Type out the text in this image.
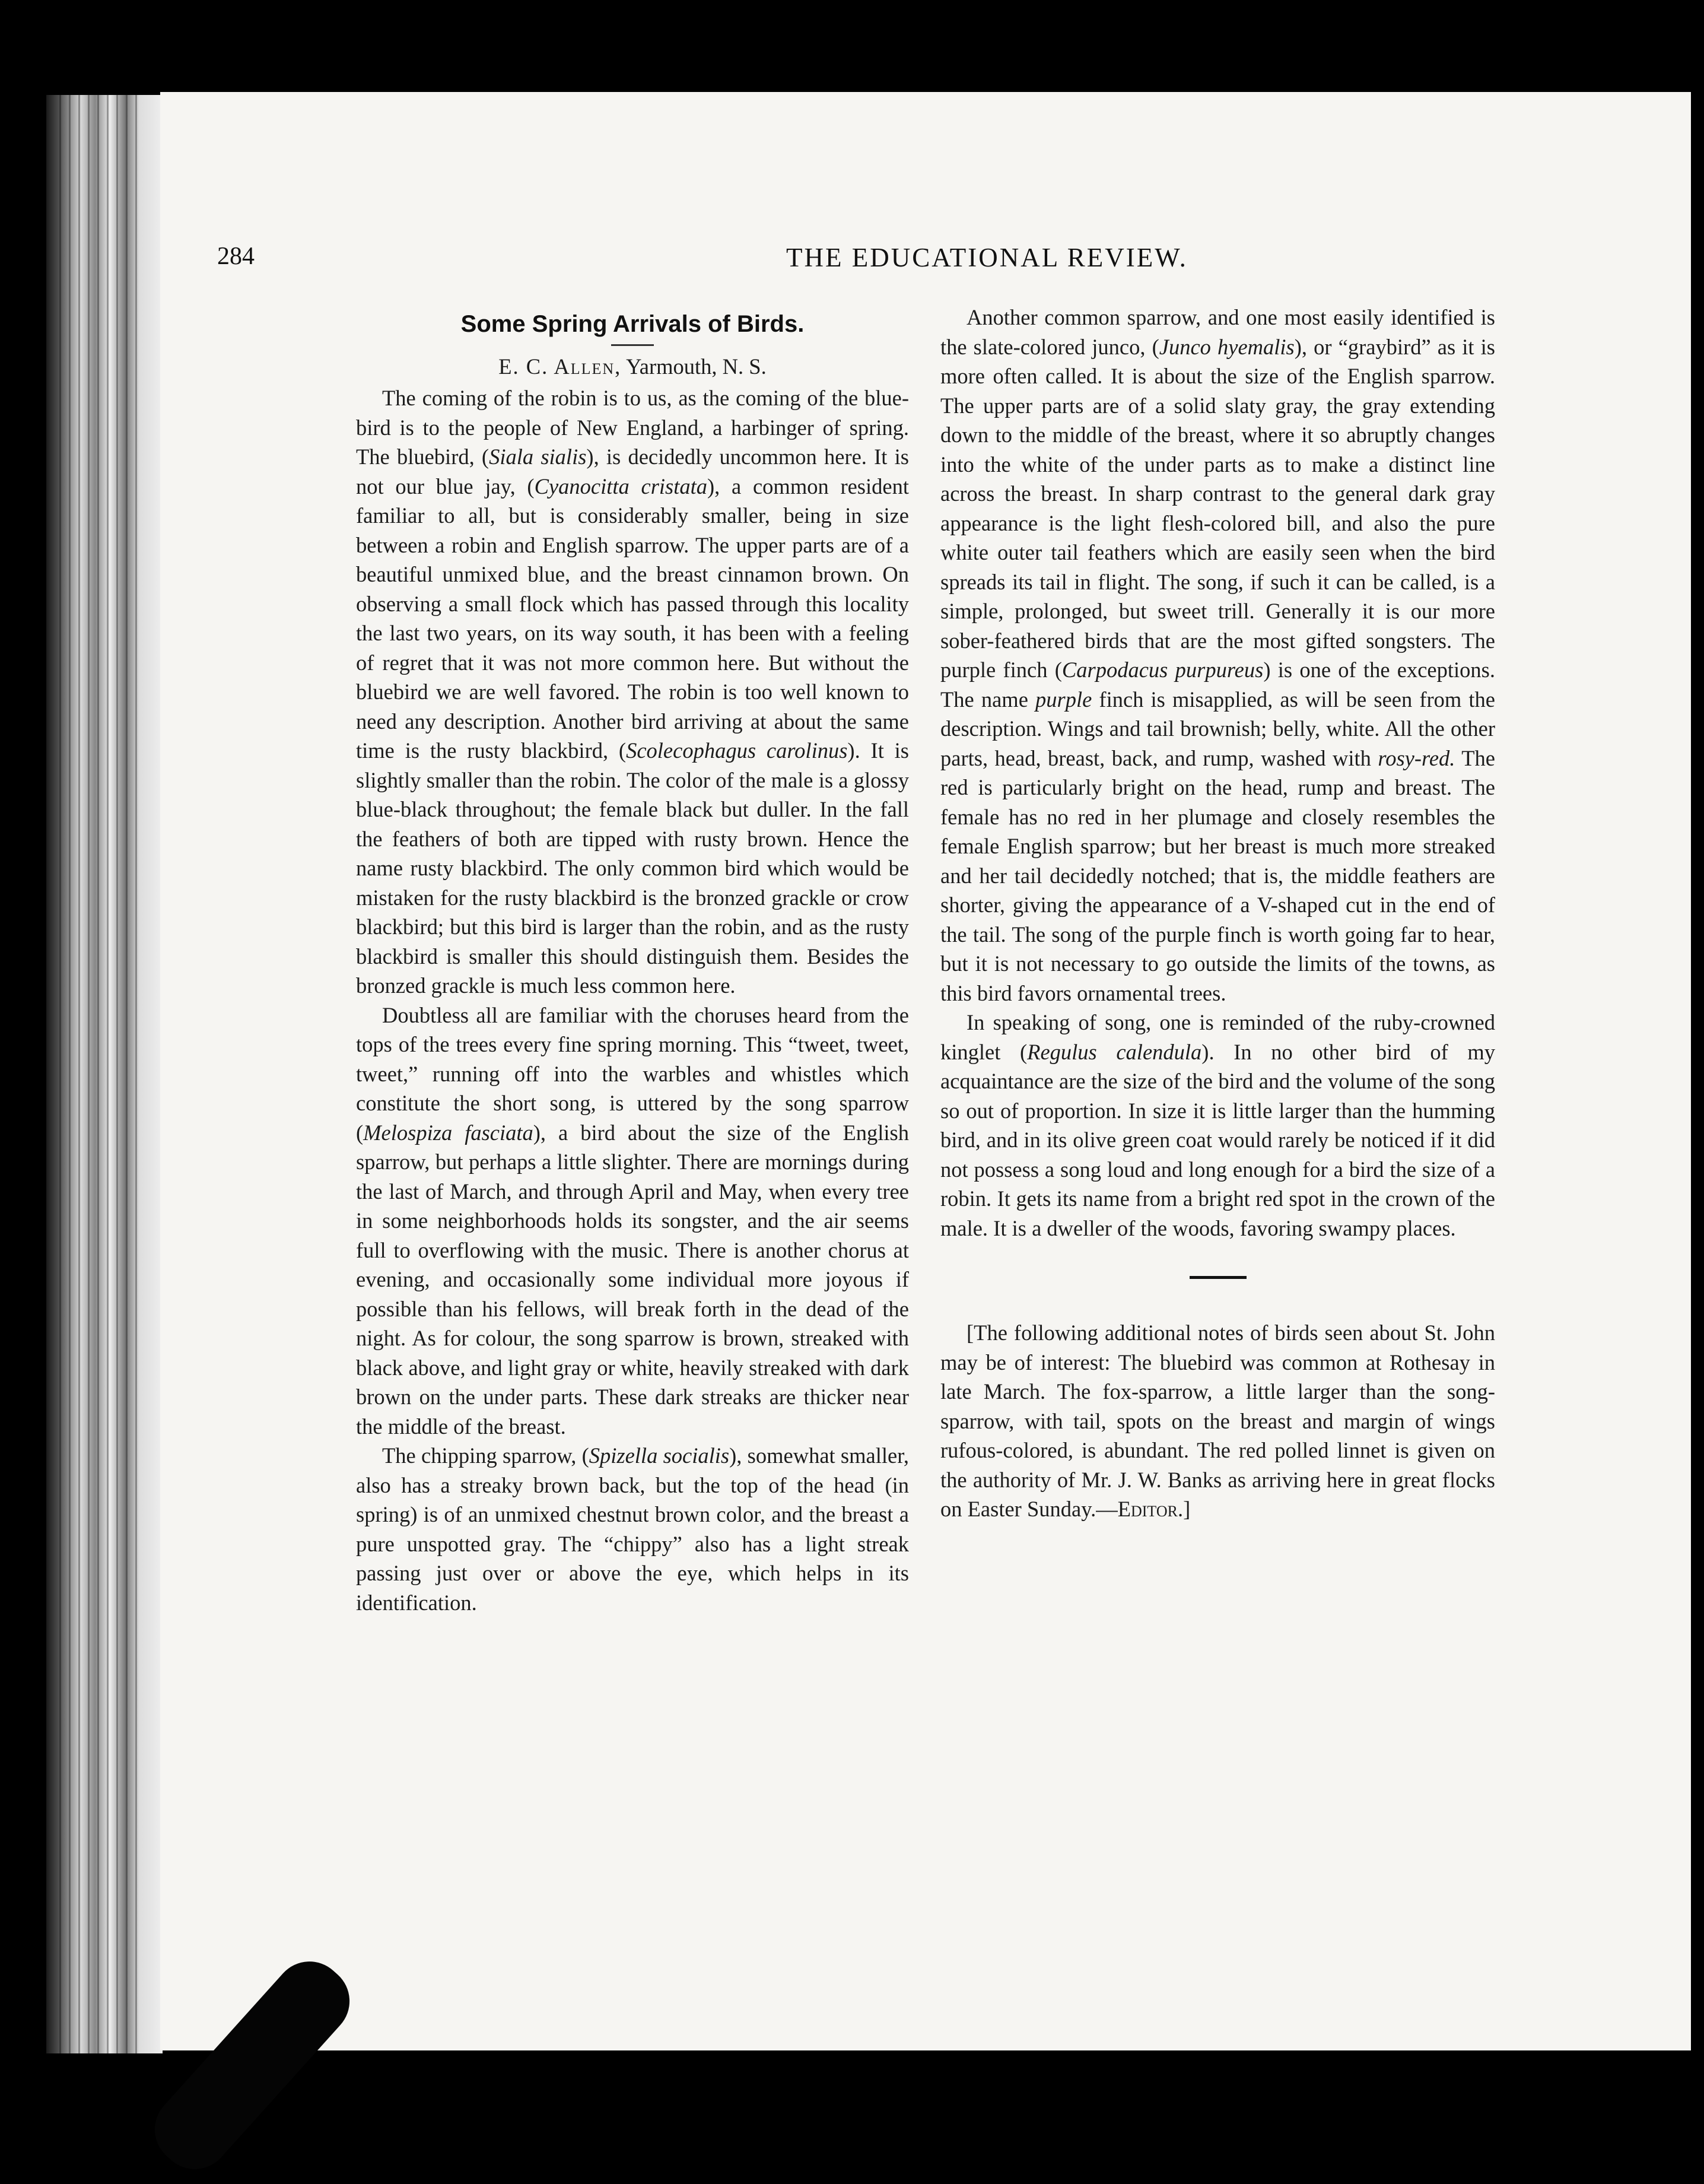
284	THE EDUCATIONAL REVIEW.
Some Spring Arrivals of Birds.
E. C. Allen, Yarmouth, N. S.

The coming of the robin is to us, as the coming of the blue-bird is to the people of New England, a harbinger of spring. The bluebird, (Siala sialis), is decidedly uncommon here. It is not our blue jay, (Cyanocitta cristata), a common resident familiar to all, but is considerably smaller, being in size between a robin and English sparrow. The upper parts are of a beautiful unmixed blue, and the breast cinnamon brown. On observing a small flock which has passed through this locality the last two years, on its way south, it has been with a feeling of regret that it was not more common here. But without the bluebird we are well favored. The robin is too well known to need any description. Another bird arriving at about the same time is the rusty blackbird, (Scolecophagus carolinus). It is slightly smaller than the robin. The color of the male is a glossy blue-black throughout; the female black but duller. In the fall the feathers of both are tipped with rusty brown. Hence the name rusty blackbird. The only common bird which would be mistaken for the rusty blackbird is the bronzed grackle or crow blackbird; but this bird is larger than the robin, and as the rusty blackbird is smaller this should distinguish them. Besides the bronzed grackle is much less common here.

Doubtless all are familiar with the choruses heard from the tops of the trees every fine spring morning. This “tweet, tweet, tweet,” running off into the warbles and whistles which constitute the short song, is uttered by the song sparrow (Melospiza fasciata), a bird about the size of the English sparrow, but perhaps a little slighter. There are mornings during the last of March, and through April and May, when every tree in some neighborhoods holds its songster, and the air seems full to overflowing with the music. There is another chorus at evening, and occasionally some individual more joyous if possible than his fellows, will break forth in the dead of the night. As for colour, the song sparrow is brown, streaked with black above, and light gray or white, heavily streaked with dark brown on the under parts. These dark streaks are thicker near the middle of the breast.

The chipping sparrow, (Spizella socialis), somewhat smaller, also has a streaky brown back, but the top of the head (in spring) is of an unmixed chestnut brown color, and the breast a pure unspotted gray. The “chippy” also has a light streak passing just over or above the eye, which helps in its identification.

Another common sparrow, and one most easily identified is the slate-colored junco, (Junco hyemalis), or “graybird” as it is more often called. It is about the size of the English sparrow. The upper parts are of a solid slaty gray, the gray extending down to the middle of the breast, where it so abruptly changes into the white of the under parts as to make a distinct line across the breast. In sharp contrast to the general dark gray appearance is the light flesh-colored bill, and also the pure white outer tail feathers which are easily seen when the bird spreads its tail in flight. The song, if such it can be called, is a simple, prolonged, but sweet trill. Generally it is our more sober-feathered birds that are the most gifted songsters. The purple finch (Carpodacus purpureus) is one of the exceptions. The name purple finch is misapplied, as will be seen from the description. Wings and tail brownish; belly, white. All the other parts, head, breast, back, and rump, washed with rosy-red. The red is particularly bright on the head, rump and breast. The female has no red in her plumage and closely resembles the female English sparrow; but her breast is much more streaked and her tail decidedly notched; that is, the middle feathers are shorter, giving the appearance of a V-shaped cut in the end of the tail. The song of the purple finch is worth going far to hear, but it is not necessary to go outside the limits of the towns, as this bird favors ornamental trees.

In speaking of song, one is reminded of the ruby-crowned kinglet (Regulus calendula). In no other bird of my acquaintance are the size of the bird and the volume of the song so out of proportion. In size it is little larger than the humming bird, and in its olive green coat would rarely be noticed if it did not possess a song loud and long enough for a bird the size of a robin. It gets its name from a bright red spot in the crown of the male. It is a dweller of the woods, favoring swampy places.

[The following additional notes of birds seen about St. John may be of interest: The bluebird was common at Rothesay in late March. The fox-sparrow, a little larger than the song-sparrow, with tail, spots on the breast and margin of wings rufous-colored, is abundant. The red polled linnet is given on the authority of Mr. J. W. Banks as arriving here in great flocks on Easter Sunday.—Editor.]
